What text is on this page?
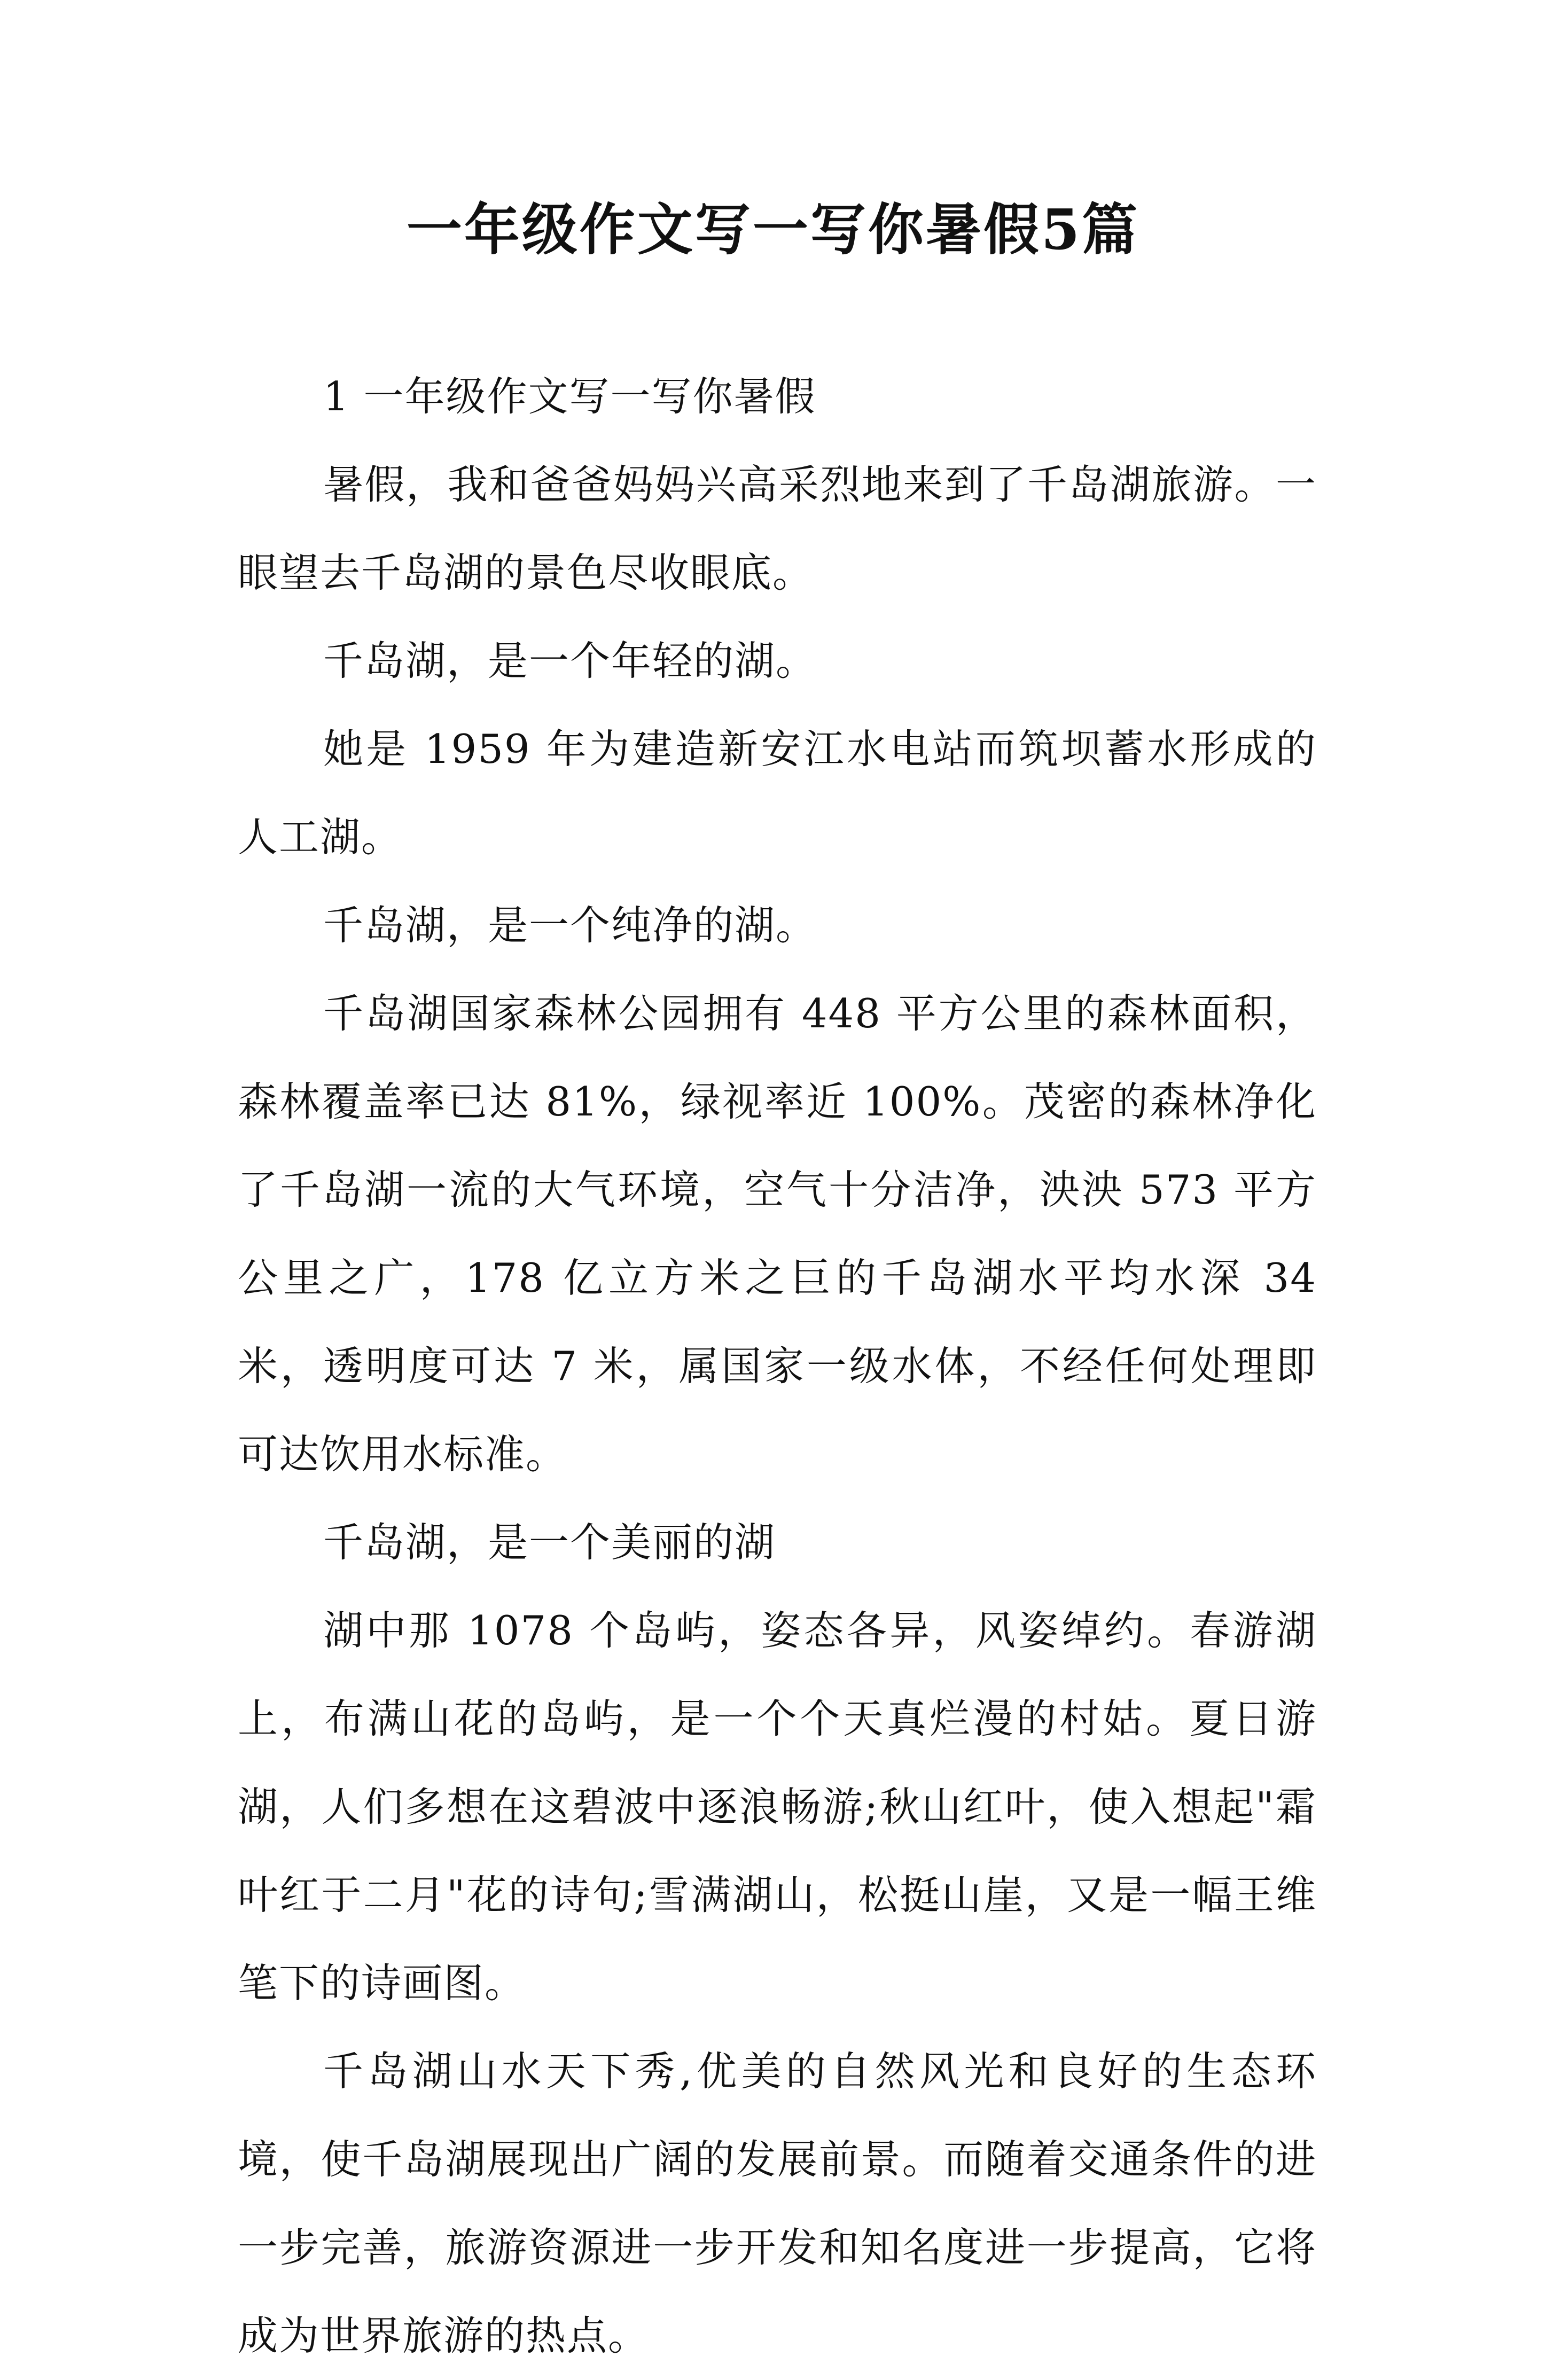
一年级作文写一写你暑假5篇

1 一年级作文写一写你暑假

暑假，我和爸爸妈妈兴高采烈地来到了千岛湖旅游。一眼望去千岛湖的景色尽收眼底。

千岛湖，是一个年轻的湖。

她是 1959 年为建造新安江水电站而筑坝蓄水形成的人工湖。

千岛湖，是一个纯净的湖。

千岛湖国家森林公园拥有 448 平方公里的森林面积，森林覆盖率已达 81%，绿视率近 100%。茂密的森林净化了千岛湖一流的大气环境，空气十分洁净，泱泱 573 平方公里之广，178 亿立方米之巨的千岛湖水平均水深 34 米，透明度可达 7 米，属国家一级水体，不经任何处理即可达饮用水标准。

千岛湖，是一个美丽的湖

湖中那 1078 个岛屿，姿态各异，风姿绰约。春游湖上，布满山花的岛屿，是一个个天真烂漫的村姑。夏日游湖，人们多想在这碧波中逐浪畅游;秋山红叶，使入想起"霜叶红于二月"花的诗句;雪满湖山，松挺山崖，又是一幅王维笔下的诗画图。

千岛湖山水天下秀,优美的自然风光和良好的生态环境，使千岛湖展现出广阔的发展前景。而随着交通条件的进一步完善，旅游资源进一步开发和知名度进一步提高，它将成为世界旅游的热点。
